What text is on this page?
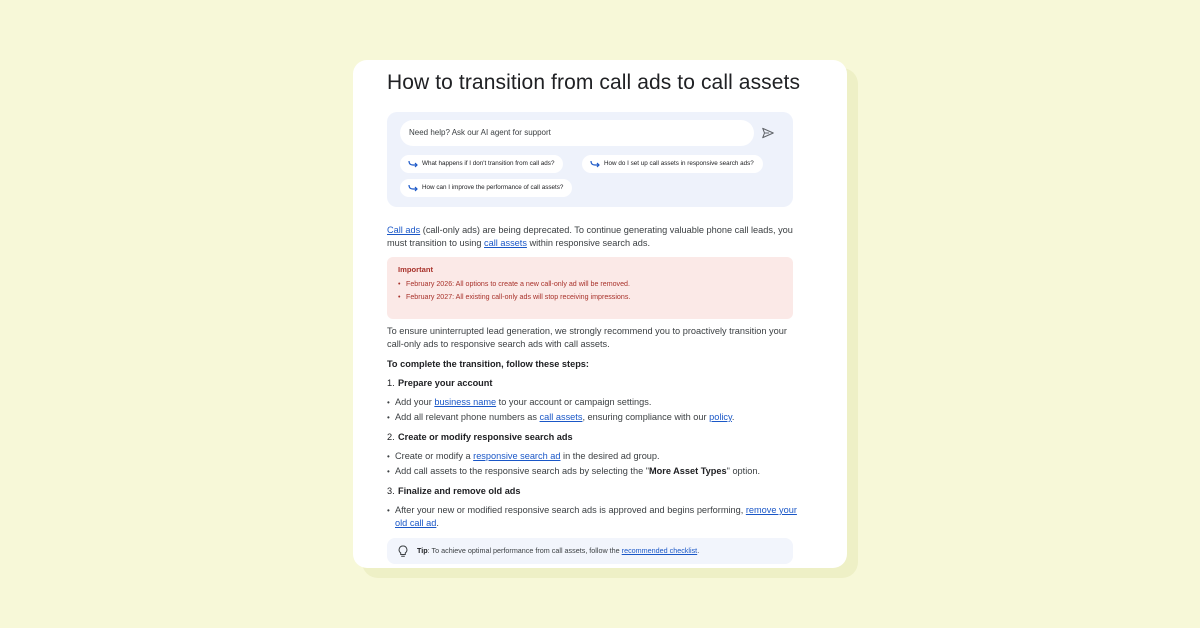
How to transition from call ads to call assets
Need help? Ask our AI agent for support
What happens if I don't transition from call ads?	How do I set up call assets in responsive search ads?
How can I improve the performance of call assets?

Call ads (call-only ads) are being deprecated. To continue generating valuable phone call leads, you must transition to using call assets within responsive search ads.

Important
• February 2026: All options to create a new call-only ad will be removed.
• February 2027: All existing call-only ads will stop receiving impressions.

To ensure uninterrupted lead generation, we strongly recommend you to proactively transition your call-only ads to responsive search ads with call assets.

To complete the transition, follow these steps:
1. Prepare your account
• Add your business name to your account or campaign settings.
• Add all relevant phone numbers as call assets, ensuring compliance with our policy.
2. Create or modify responsive search ads
• Create or modify a responsive search ad in the desired ad group.
• Add call assets to the responsive search ads by selecting the "More Asset Types" option.
3. Finalize and remove old ads
• After your new or modified responsive search ads is approved and begins performing, remove your
old call ad.
Tip: To achieve optimal performance from call assets, follow the recommended checklist.
